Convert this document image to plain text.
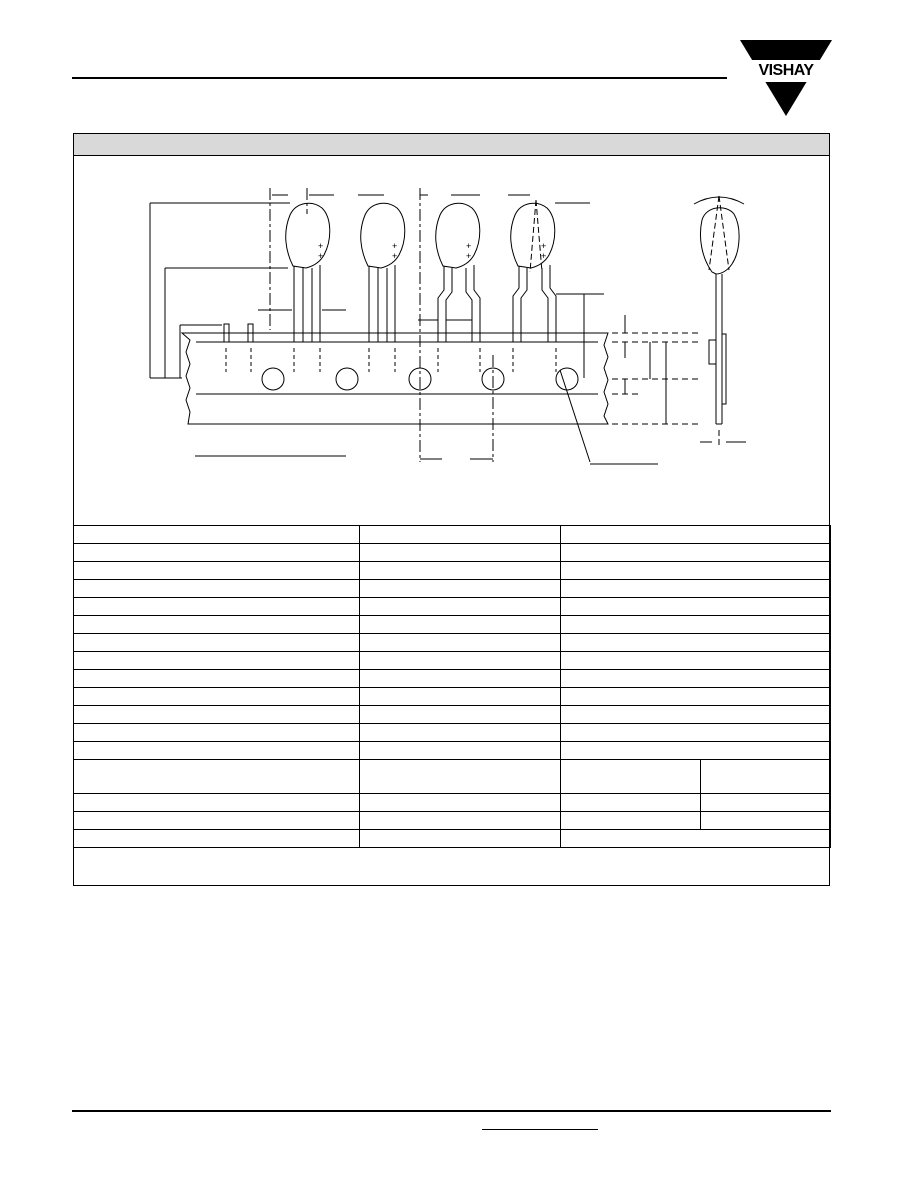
VISHAY
+
+
+
+
+
+
+
+
